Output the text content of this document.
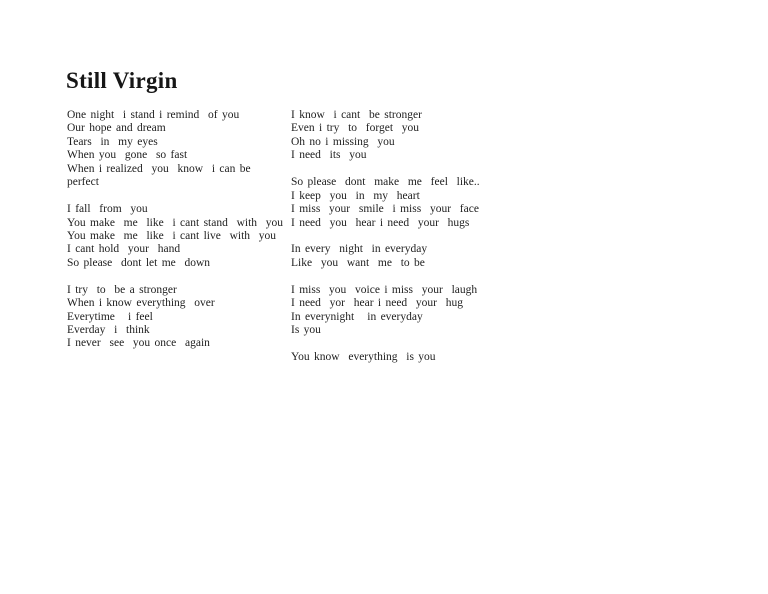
Still Virgin
One night  i stand i remind  of you
Our hope and dream
Tears  in  my eyes
When you  gone  so fast
When i realized  you  know  i can be
perfect
I fall  from  you
You make  me  like  i cant stand  with  you
You make  me  like  i cant live  with  you
I cant hold  your  hand
So please  dont let me  down
I try  to  be a stronger
When i know everything  over
Everytime   i feel
Everday  i  think
I never  see  you once  again
I know  i cant  be stronger
Even i try  to  forget  you
Oh no i missing  you
I need  its  you
So please  dont  make  me  feel  like..
I keep  you  in  my  heart
I miss  your  smile  i miss  your  face
I need  you  hear i need  your  hugs
In every  night  in everyday
Like  you  want  me  to be
I miss  you  voice i miss  your  laugh
I need  yor  hear i need  your  hug
In everynight   in everyday
Is you
You know  everything  is you
